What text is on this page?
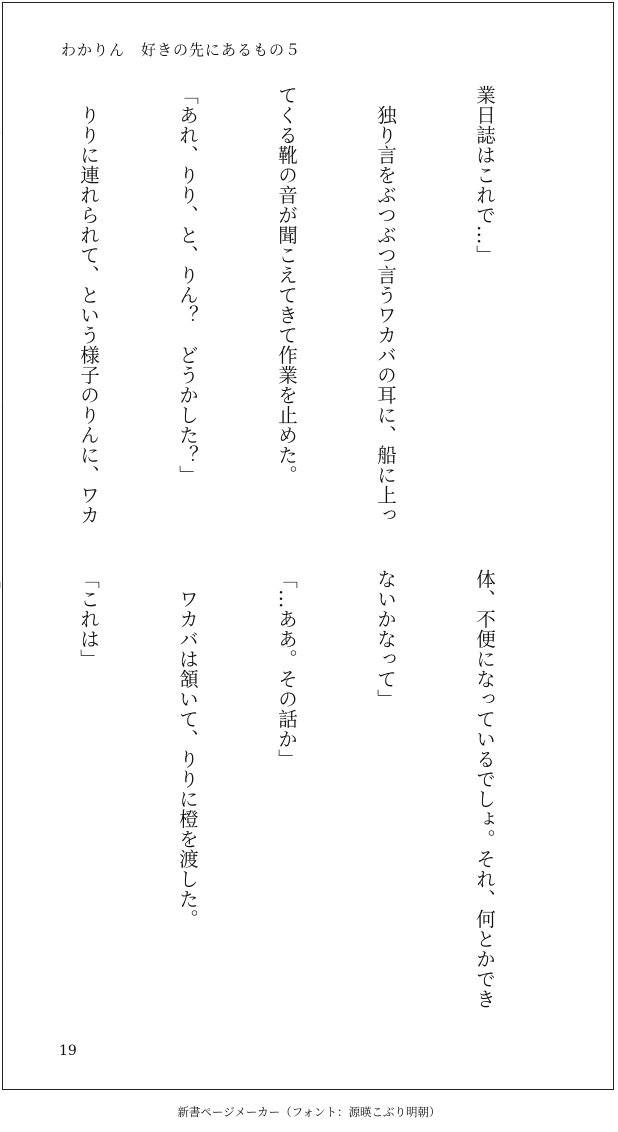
わかりん　好きの先にあるもの５

業日誌はこれで…」

　独り言をぶつぶつ言うワカバの耳に、船に上っ

てくる靴の音が聞こえてきて作業を止めた。

「あれ、りり、と、りん？　どうかした？」

　りりに連れられて、という様子のりんに、ワカ

体、不便になっているでしょ。それ、何とかでき

ないかなって」

「…ああ。その話か」

　ワカバは頷いて、りりに橙を渡した。

「これは」

19
新書ページメーカー（フォント：源暎こぶり明朝）
